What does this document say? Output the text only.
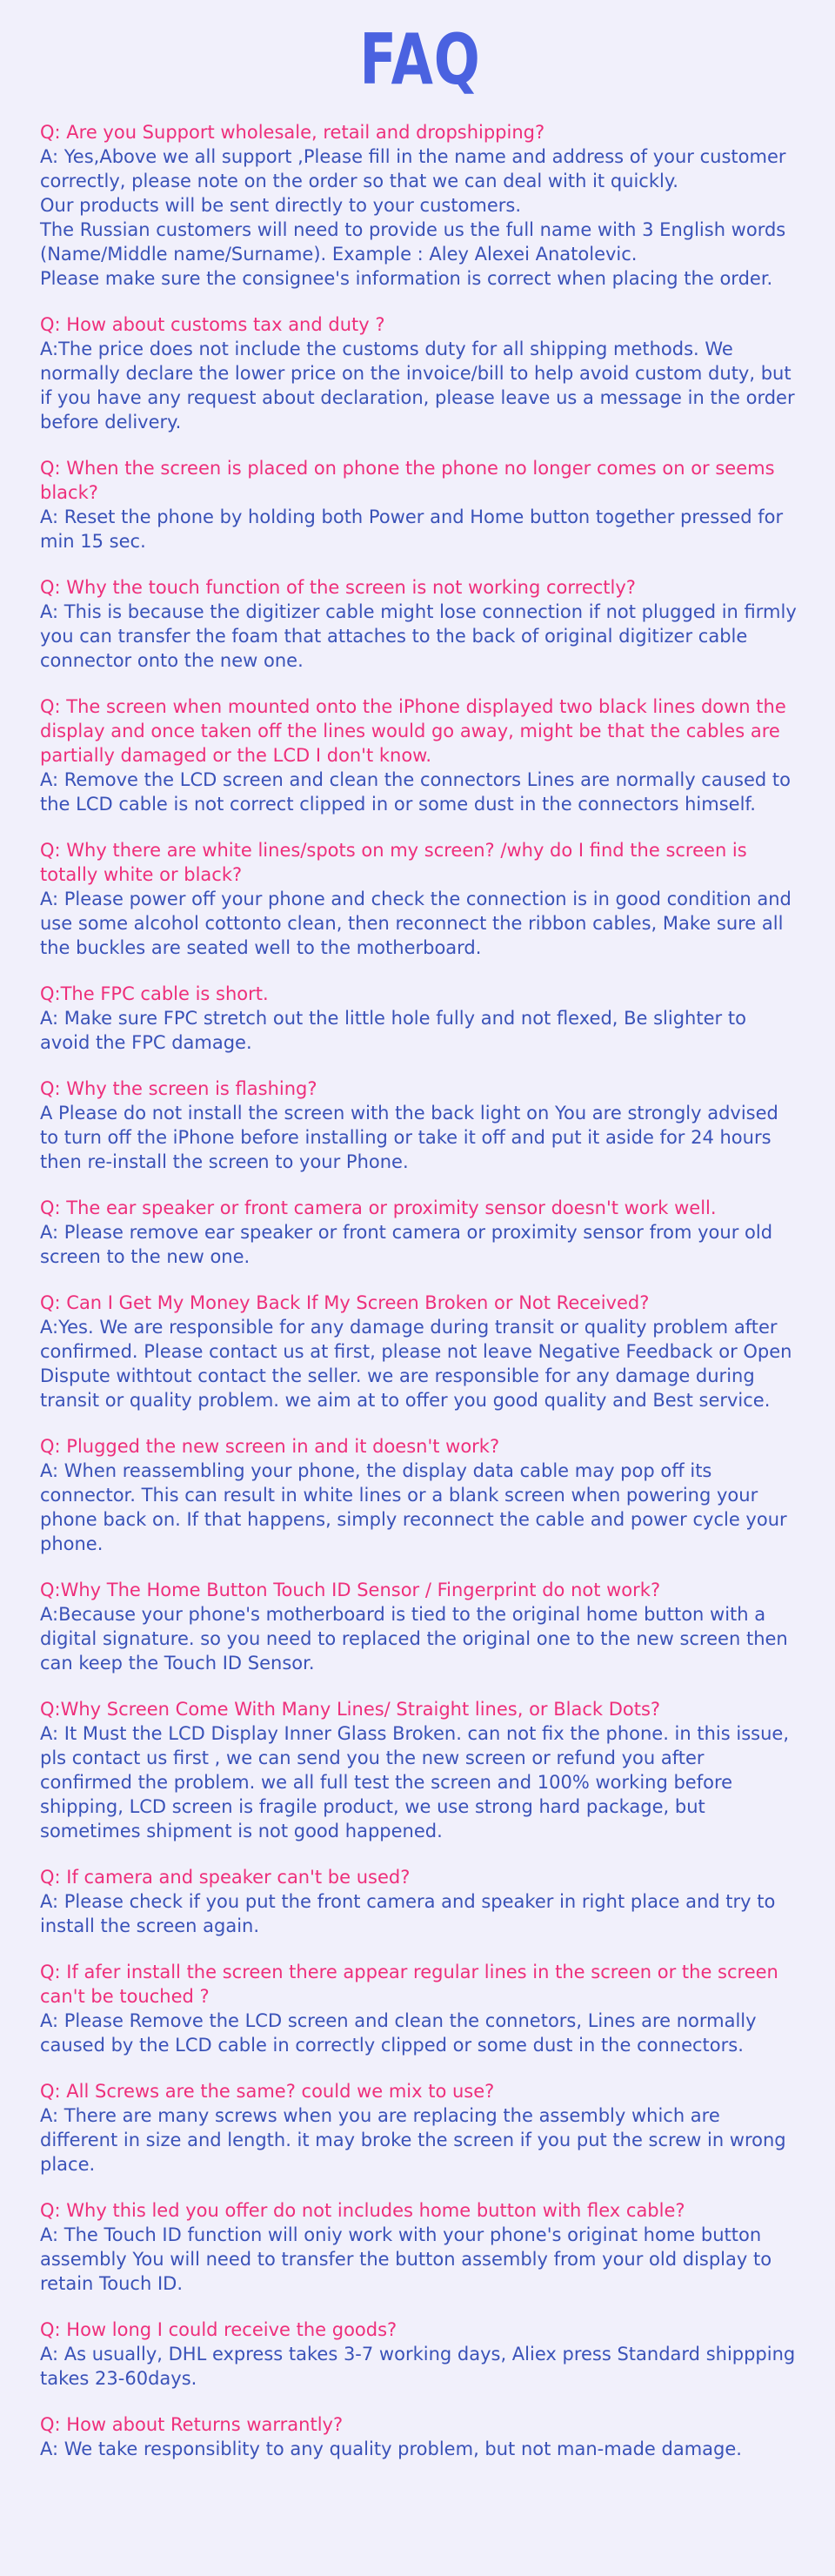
FAQ

Q: Are you Support wholesale, retail and dropshipping?

A: Yes,Above we all support ,Please fill in the name and address of your customer correctly, please note on the order so that we can deal with it quickly.
Our products will be sent directly to your customers.
The Russian customers will need to provide us the full name with 3 English words (Name/Middle name/Surname). Example : Aley Alexei Anatolevic.
Please make sure the consignee's information is correct when placing the order.

Q: How about customs tax and duty ?

A:The price does not include the customs duty for all shipping methods. We normally declare the lower price on the invoice/bill to help avoid custom duty, but if you have any request about declaration, please leave us a message in the order before delivery.

Q: When the screen is placed on phone the phone no longer comes on or seems black?

A: Reset the phone by holding both Power and Home button together pressed for min 15 sec.

Q: Why the touch function of the screen is not working correctly?

A: This is because the digitizer cable might lose connection if not plugged in firmly you can transfer the foam that attaches to the back of original digitizer cable connector onto the new one.

Q: The screen when mounted onto the iPhone displayed two black lines down the display and once taken off the lines would go away, might be that the cables are partially damaged or the LCD I don't know.

A: Remove the LCD screen and clean the connectors Lines are normally caused to the LCD cable is not correct clipped in or some dust in the connectors himself.

Q: Why there are white lines/spots on my screen? /why do I find the screen is totally white or black?

A: Please power off your phone and check the connection is in good condition and use some alcohol cottonto clean, then reconnect the ribbon cables, Make sure all the buckles are seated well to the motherboard.

Q:The FPC cable is short.

A: Make sure FPC stretch out the little hole fully and not flexed, Be slighter to avoid the FPC damage.

Q: Why the screen is flashing?

A Please do not install the screen with the back light on You are strongly advised to turn off the iPhone before installing or take it off and put it aside for 24 hours then re-install the screen to your Phone.

Q: The ear speaker or front camera or proximity sensor doesn't work well.

A: Please remove ear speaker or front camera or proximity sensor from your old screen to the new one.

Q: Can I Get My Money Back If My Screen Broken or Not Received?

A:Yes. We are responsible for any damage during transit or quality problem after confirmed. Please contact us at first, please not leave Negative Feedback or Open Dispute withtout contact the seller. we are responsible for any damage during transit or quality problem. we aim at to offer you good quality and Best service.

Q: Plugged the new screen in and it doesn't work?

A: When reassembling your phone, the display data cable may pop off its connector. This can result in white lines or a blank screen when powering your phone back on. If that happens, simply reconnect the cable and power cycle your phone.

Q:Why The Home Button Touch ID Sensor / Fingerprint do not work?

A:Because your phone's motherboard is tied to the original home button with a digital signature. so you need to replaced the original one to the new screen then can keep the Touch ID Sensor.

Q:Why Screen Come With Many Lines/ Straight lines, or Black Dots?

A: It Must the LCD Display Inner Glass Broken. can not fix the phone. in this issue, pls contact us first , we can send you the new screen or refund you after confirmed the problem. we all full test the screen and 100% working before shipping, LCD screen is fragile product, we use strong hard package, but sometimes shipment is not good happened.

Q: If camera and speaker can't be used?

A: Please check if you put the front camera and speaker in right place and try to install the screen again.

Q: If afer install the screen there appear regular lines in the screen or the screen can't be touched ?

A: Please Remove the LCD screen and clean the connetors, Lines are normally caused by the LCD cable in correctly clipped or some dust in the connectors.

Q: All Screws are the same? could we mix to use?

A: There are many screws when you are replacing the assembly which are different in size and length. it may broke the screen if you put the screw in wrong place.

Q: Why this led you offer do not includes home button with flex cable?

A: The Touch ID function will oniy work with your phone's originat home button assembly You will need to transfer the button assembly from your old display to retain Touch ID.

Q: How long I could receive the goods?

A: As usually, DHL express takes 3-7 working days, Aliex press Standard shippping takes 23-60days.

Q: How about Returns warrantly?

A: We take responsiblity to any quality problem, but not man-made damage.
